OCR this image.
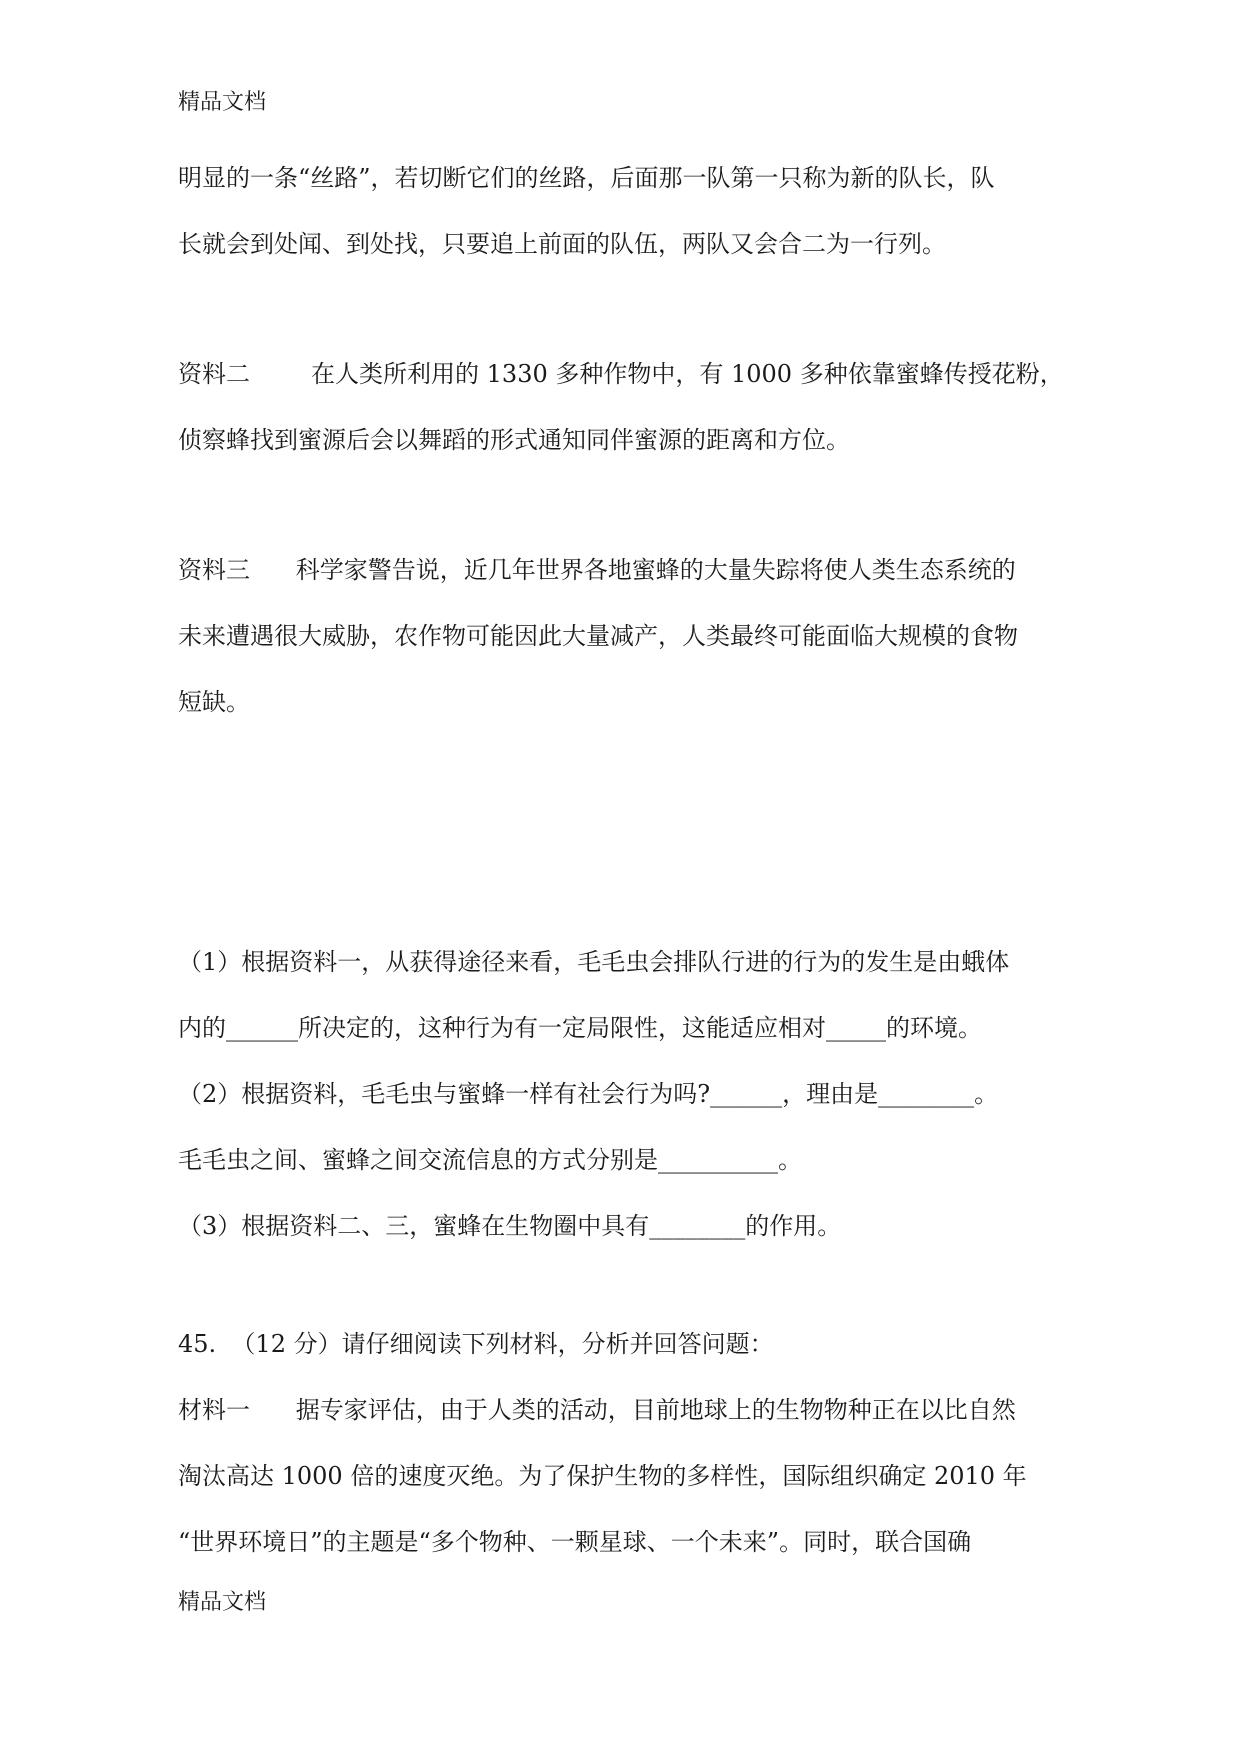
精品文档
明显的一条“丝路”，若切断它们的丝路，后面那一队第一只称为新的队长，队
长就会到处闻、到处找，只要追上前面的队伍，两队又会合二为一行列。
资料二        在人类所利用的 1330 多种作物中，有 1000 多种依靠蜜蜂传授花粉，
侦察蜂找到蜜源后会以舞蹈的形式通知同伴蜜源的距离和方位。
资料三      科学家警告说，近几年世界各地蜜蜂的大量失踪将使人类生态系统的
未来遭遇很大威胁，农作物可能因此大量减产，人类最终可能面临大规模的食物
短缺。
（1）根据资料一，从获得途径来看，毛毛虫会排队行进的行为的发生是由蛾体
内的______所决定的，这种行为有一定局限性，这能适应相对_____的环境。
（2）根据资料，毛毛虫与蜜蜂一样有社会行为吗?______，理由是________。
毛毛虫之间、蜜蜂之间交流信息的方式分别是__________。
（3）根据资料二、三，蜜蜂在生物圈中具有________的作用。
45.  （12 分）请仔细阅读下列材料，分析并回答问题：
材料一      据专家评估，由于人类的活动，目前地球上的生物物种正在以比自然
淘汰高达 1000 倍的速度灭绝。为了保护生物的多样性，国际组织确定 2010 年
“世界环境日”的主题是“多个物种、一颗星球、一个未来”。同时，联合国确
精品文档
